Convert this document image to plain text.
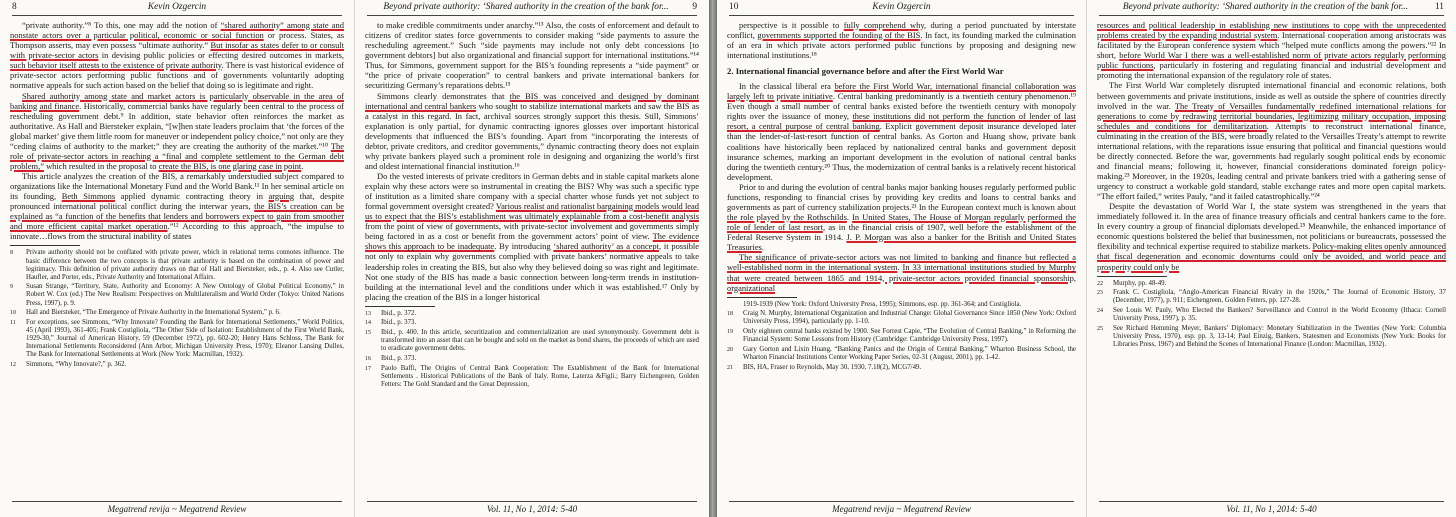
8	Kevin Ozgercin

“private authority.”⁸ To this, one may add the notion of “shared authority” among state and nonstate actors over a particular political, economic or social function or process. States, as Thompson asserts, may even possess “ultimate authority.” But insofar as states defer to or consult with private-sector actors in devising public policies or effecting desired outcomes in markets, such behavior itself attests to the existence of private authority. There is vast historical evidence of private-sector actors performing public functions and of governments voluntarily adopting normative appeals for such action based on the belief that doing so is legitimate and right.

Shared authority among state and market actors is particularly observable in the area of banking and finance. Historically, commercial banks have regularly been central to the process of rescheduling government debt.⁹ In addition, state behavior often reinforces the market as authoritative. As Hall and Biersteker explain, “[w]hen state leaders proclaim that ‘the forces of the global market’ give them little room for maneuver or independent policy choice,” not only are they “ceding claims of authority to the market;” they are creating the authority of the market.”¹⁰ The role of private-sector actors in reaching a “final and complete settlement to the German debt problem,” which resulted in the proposal to create the BIS, is one glaring case in point.

This article analyzes the creation of the BIS, a remarkably understudied subject compared to organizations like the International Monetary Fund and the World Bank.¹¹ In her seminal article on its founding, Beth Simmons applied dynamic contracting theory in arguing that, despite pronounced international political conflict during the interwar years, the BIS’s creation can be explained as “a function of the benefits that lenders and borrowers expect to gain from smoother and more efficient capital market operation.”¹² According to this approach, “the impulse to innovate…flows from the structural inability of states

8	Private authority should not be conflated with private power, which in relational terms connotes influence. The basic difference between the two concepts is that private authority is based on the combination of power and legitimacy. This definition of private authority draws on that of Hall and Biersteker, eds., p. 4. Also see Cutler, Haufler, and Porter, eds., Private Authority and International Affairs.
9	Susan Strange, “Territory, State, Authority and Economy: A New Ontology of Global Political Economy,” in Robert W. Cox (ed.) The New Realism: Perspectives on Multilateralism and World Order (Tokyo: United Nations Press, 1997), p. 9.
10	Hall and Biersteker, “The Emergence of Private Authority in the International System,” p. 6.
11	For exceptions, see Simmons, “Why Innovate? Founding the Bank for International Settlements,” World Politics, 45 (April 1993), 361-405; Frank Costigliola, “The Other Side of Isolation: Establishment of the First World Bank, 1929-30,” Journal of American History, 59 (December 1972), pp. 602-20; Henry Hans Schloss, The Bank for International Settlements Reconsidered (Ann Arbor, Michigan University Press, 1970); Eleanor Lansing Dulles, The Bank for International Settlements at Work (New York: Macmillan, 1932).
12	Simmons, “Why Innovate?,” p. 362.
Megatrend revija ~ Megatrend Review
Beyond private authority: ‘Shared authority in the creation of the bank for...	9

to make credible commitments under anarchy.”¹³ Also, the costs of enforcement and default to citizens of creditor states force governments to consider making “side payments to assure the rescheduling agreement.” Such “side payments may include not only debt concessions [to government debtors] but also organizational and financial support for international institutions.”¹⁴ Thus, for Simmons, government support for the BIS’s founding represents a “side payment” or “the price of private cooperation” to central bankers and private international bankers for securitizing Germany’s reparations debts.¹⁵

Simmons clearly demonstrates that the BIS was conceived and designed by dominant international and central bankers who sought to stabilize international markets and saw the BIS as a catalyst in this regard. In fact, archival sources strongly support this thesis. Still, Simmons’ explanation is only partial, for dynamic contracting ignores glosses over important historical developments that influenced the BIS’s founding. Apart from “incorporating the interests of debtor, private creditors, and creditor governments,” dynamic contracting theory does not explain why private bankers played such a prominent role in designing and organizing the world’s first and oldest international financial institution.¹⁶

Do the vested interests of private creditors in German debts and in stable capital markets alone explain why these actors were so instrumental in creating the BIS? Why was such a specific type of institution as a limited share company with a special charter whose funds yet not subject to formal government oversight created? Various realist and rationalist bargaining models would lead us to expect that the BIS’s establishment was ultimately explainable from a cost-benefit analysis from the point of view of governments, with private-sector involvement and governments simply being factored in as a cost or benefit from the government actors’ point of view. The evidence shows this approach to be inadequate. By introducing ‘shared authority’ as a concept, it possible not only to explain why governments complied with private bankers’ normative appeals to take leadership roles in creating the BIS, but also why they believed doing so was right and legitimate. Not one study of the BIS has made a basic connection between long-term trends in institution-building at the international level and the conditions under which it was established.¹⁷ Only by placing the creation of the BIS in a longer historical

13	Ibid., p. 372.
14	Ibid., p. 373.
15	Ibid., p. 400. In this article, securitization and commercialization are used synonymously. Government debt is transformed into an asset that can be bought and sold on the market as bond shares, the proceeds of which are used to eradicate government debts.
16	Ibid., p. 373.
17	Paolo Baffi, The Origins of Central Bank Cooperation: The Establishment of the Bank for International Settlements . Historical Publications of the Bank of Italy. Rome, Laterza &Figli.; Barry Eichengreen, Golden Fetters: The Gold Standard and the Great Depression,
Vol. 11, No 1, 2014: 5-40
10	Kevin Ozgercin

perspective is it possible to fully comprehend why, during a period punctuated by interstate conflict, governments supported the founding of the BIS. In fact, its founding marked the culmination of an era in which private actors performed public functions by proposing and designing new international institutions.¹⁸

2. International financial governance before and after the First World War

In the classical liberal era before the First World War, international financial collaboration was largely left to private initiative. Central banking predominantly is a twentieth century phenomenon.¹⁹ Even though a small number of central banks existed before the twentieth century with monopoly rights over the issuance of money, these institutions did not perform the function of lender of last resort, a central purpose of central banking. Explicit government deposit insurance developed later than the lender-of-last-resort function of central banks. As Gorton and Huang show, private bank coalitions have historically been replaced by nationalized central banks and government deposit insurance schemes, marking an important development in the evolution of national central banks during the twentieth century.²⁰ Thus, the modernization of central banks is a relatively recent historical development.

Prior to and during the evolution of central banks major banking houses regularly performed public functions, responding to financial crises by providing key credits and loans to central banks and governments as part of currency stabilization projects.²¹ In the European context much is known about the role played by the Rothschilds. In United States, The House of Morgan regularly performed the role of lender of last resort, as in the financial crisis of 1907, well before the establishment of the Federal Reserve System in 1914. J. P. Morgan was also a banker for the British and United States Treasuries.

The significance of private-sector actors was not limited to banking and finance but reflected a well-established norm in the international system. In 33 international institutions studied by Murphy that were created between 1865 and 1914, private-sector actors provided financial sponsorship, organizational

1919-1939 (New York: Oxford University Press, 1995); Simmons, esp. pp. 361-364; and Costigliola.
18	Craig N. Murphy, International Organization and Industrial Change: Global Governance Since 1850 (New York: Oxford University Press, 1994), particularly pp. 1-10.
19	Only eighteen central banks existed by 1900. See Forrest Capie, “The Evolution of Central Banking,” in Reforming the Financial System: Some Lessons from History (Cambridge: Cambridge University Press, 1997).
20	Gary Gorton and Lixin Huang, “Banking Panics and the Origin of Central Banking,” Wharton Business School, the Wharton Financial Institutions Center Working Paper Series, 02-31 (August, 2001), pp. 1-42.
21	BIS, HA, Fraser to Reynolds, May 30, 1930, 7.18(2), MCG7/49.
Megatrend revija ~ Megatrend Review
Beyond private authority: ‘Shared authority in the creation of the bank for...	11

resources and political leadership in establishing new institutions to cope with the unprecedented problems created by the expanding industrial system. International cooperation among aristocrats was facilitated by the European conference system which “helped mute conflicts among the powers.”²² In short, before World War I there was a well-established norm of private actors regularly performing public functions, particularly in fostering and regulating financial and industrial development and promoting the international expansion of the regulatory role of states.

The First World War completely disrupted international financial and economic relations, both between governments and private institutions, inside as well as outside the sphere of countries directly involved in the war. The Treaty of Versailles fundamentally redefined international relations for generations to come by redrawing territorial boundaries, legitimizing military occupation, imposing schedules and conditions for demilitarization. Attempts to reconstruct international finance, culminating in the creation of the BIS, were broadly related to the Versailles Treaty’s attempt to rewrite international relations, with the reparations issue ensuring that political and financial questions would be directly connected. Before the war, governments had regularly sought political ends by economic and financial means; following it, however, financial considerations dominated foreign policy-making.²³ Moreover, in the 1920s, leading central and private bankers tried with a gathering sense of urgency to construct a workable gold standard, stable exchange rates and more open capital markets. “The effort failed,” writes Pauly, “and it failed catastrophically.”²⁴

Despite the devastation of World War I, the state system was strengthened in the years that immediately followed it. In the area of finance treasury officials and central bankers came to the fore. In every country a group of financial diplomats developed.²⁵ Meanwhile, the enhanced importance of economic questions bolstered the belief that businessmen, not politicians or bureaucrats, possessed the flexibility and technical expertise required to stabilize markets. Policy-making elites openly announced that fiscal degeneration and economic downturns could only be avoided, and world peace and prosperity could only be

22	Murphy, pp. 48-49.
23	Frank C. Costigliola, “Anglo-American Financial Rivalry in the 1920s,” The Journal of Economic History, 37 (December, 1977), p. 911; Eichengreen, Golden Fetters, pp. 127-28.
24	See Louis W. Pauly, Who Elected the Bankers? Surveillance and Control in the World Economy (Ithaca: Cornell University Press, 1997), p. 35.
25	See Richard Hemming Meyer, Bankers’ Diplomacy: Monetary Stabilization in the Twenties (New York: Columbia University Press, 1970), esp. pp. 3, 13-14; Paul Einzig, Bankers, Statesmen and Economists (New York: Books for Libraries Press, 1967) and Behind the Scenes of International Finance (London: Macmillan, 1932).
Vol. 11, No 1, 2014: 5-40
